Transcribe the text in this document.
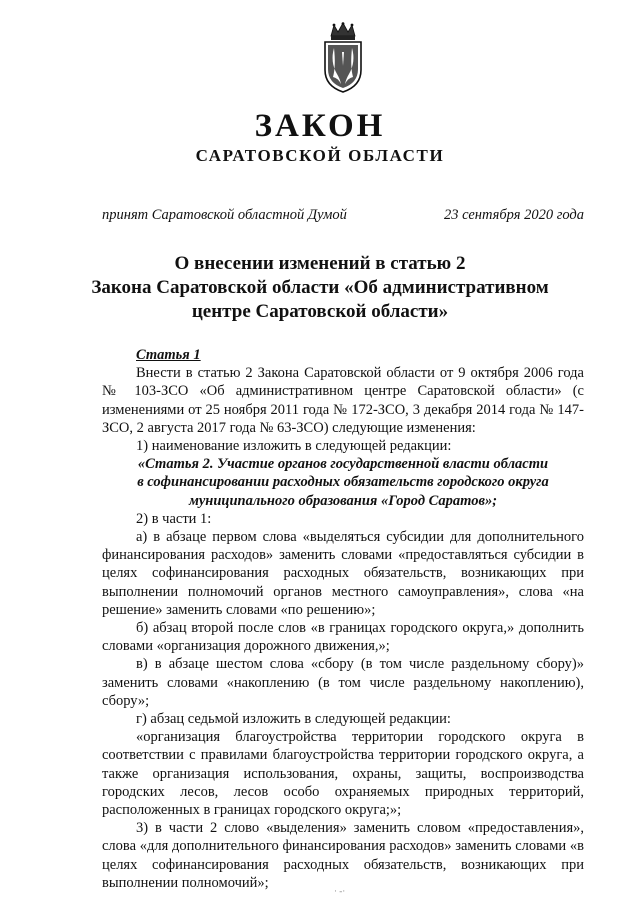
ЗАКОН
САРАТОВСКОЙ ОБЛАСТИ
принят Саратовской областной Думой	23 сентября 2020 года
О внесении изменений в статью 2
Закона Саратовской области «Об административном
центре Саратовской области»

Статья 1

Внести в статью 2 Закона Саратовской области от 9 октября 2006 года № 103-ЗСО «Об административном центре Саратовской области» (с изменениями от 25 ноября 2011 года № 172-ЗСО, 3 декабря 2014 года № 147-ЗСО, 2 августа 2017 года № 63-ЗСО) следующие изменения:

1) наименование изложить в следующей редакции:

«Статья 2. Участие органов государственной власти области

в софинансировании расходных обязательств городского округа

муниципального образования «Город Саратов»;

2) в части 1:

а) в абзаце первом слова «выделяться субсидии для дополнительного финансирования расходов» заменить словами «предоставляться субсидии в целях софинансирования расходных обязательств, возникающих при выполнении полномочий органов местного самоуправления», слова «на решение» заменить словами «по решению»;

б) абзац второй после слов «в границах городского округа,» дополнить словами «организация дорожного движения,»;

в) в абзаце шестом слова «сбору (в том числе раздельному сбору)» заменить словами «накоплению (в том числе раздельному накоплению), сбору»;

г) абзац седьмой изложить в следующей редакции:

«организация благоустройства территории городского округа в соответствии с правилами благоустройства территории городского округа, а также организация использования, охраны, защиты, воспроизводства городских лесов, лесов особо охраняемых природных территорий, расположенных в границах городского округа;»;

3) в части 2 слово «выделения» заменить словом «предоставления», слова «для дополнительного финансирования расходов» заменить словами «в целях софинансирования расходных обязательств, возникающих при выполнении полномочий»;

· -·
